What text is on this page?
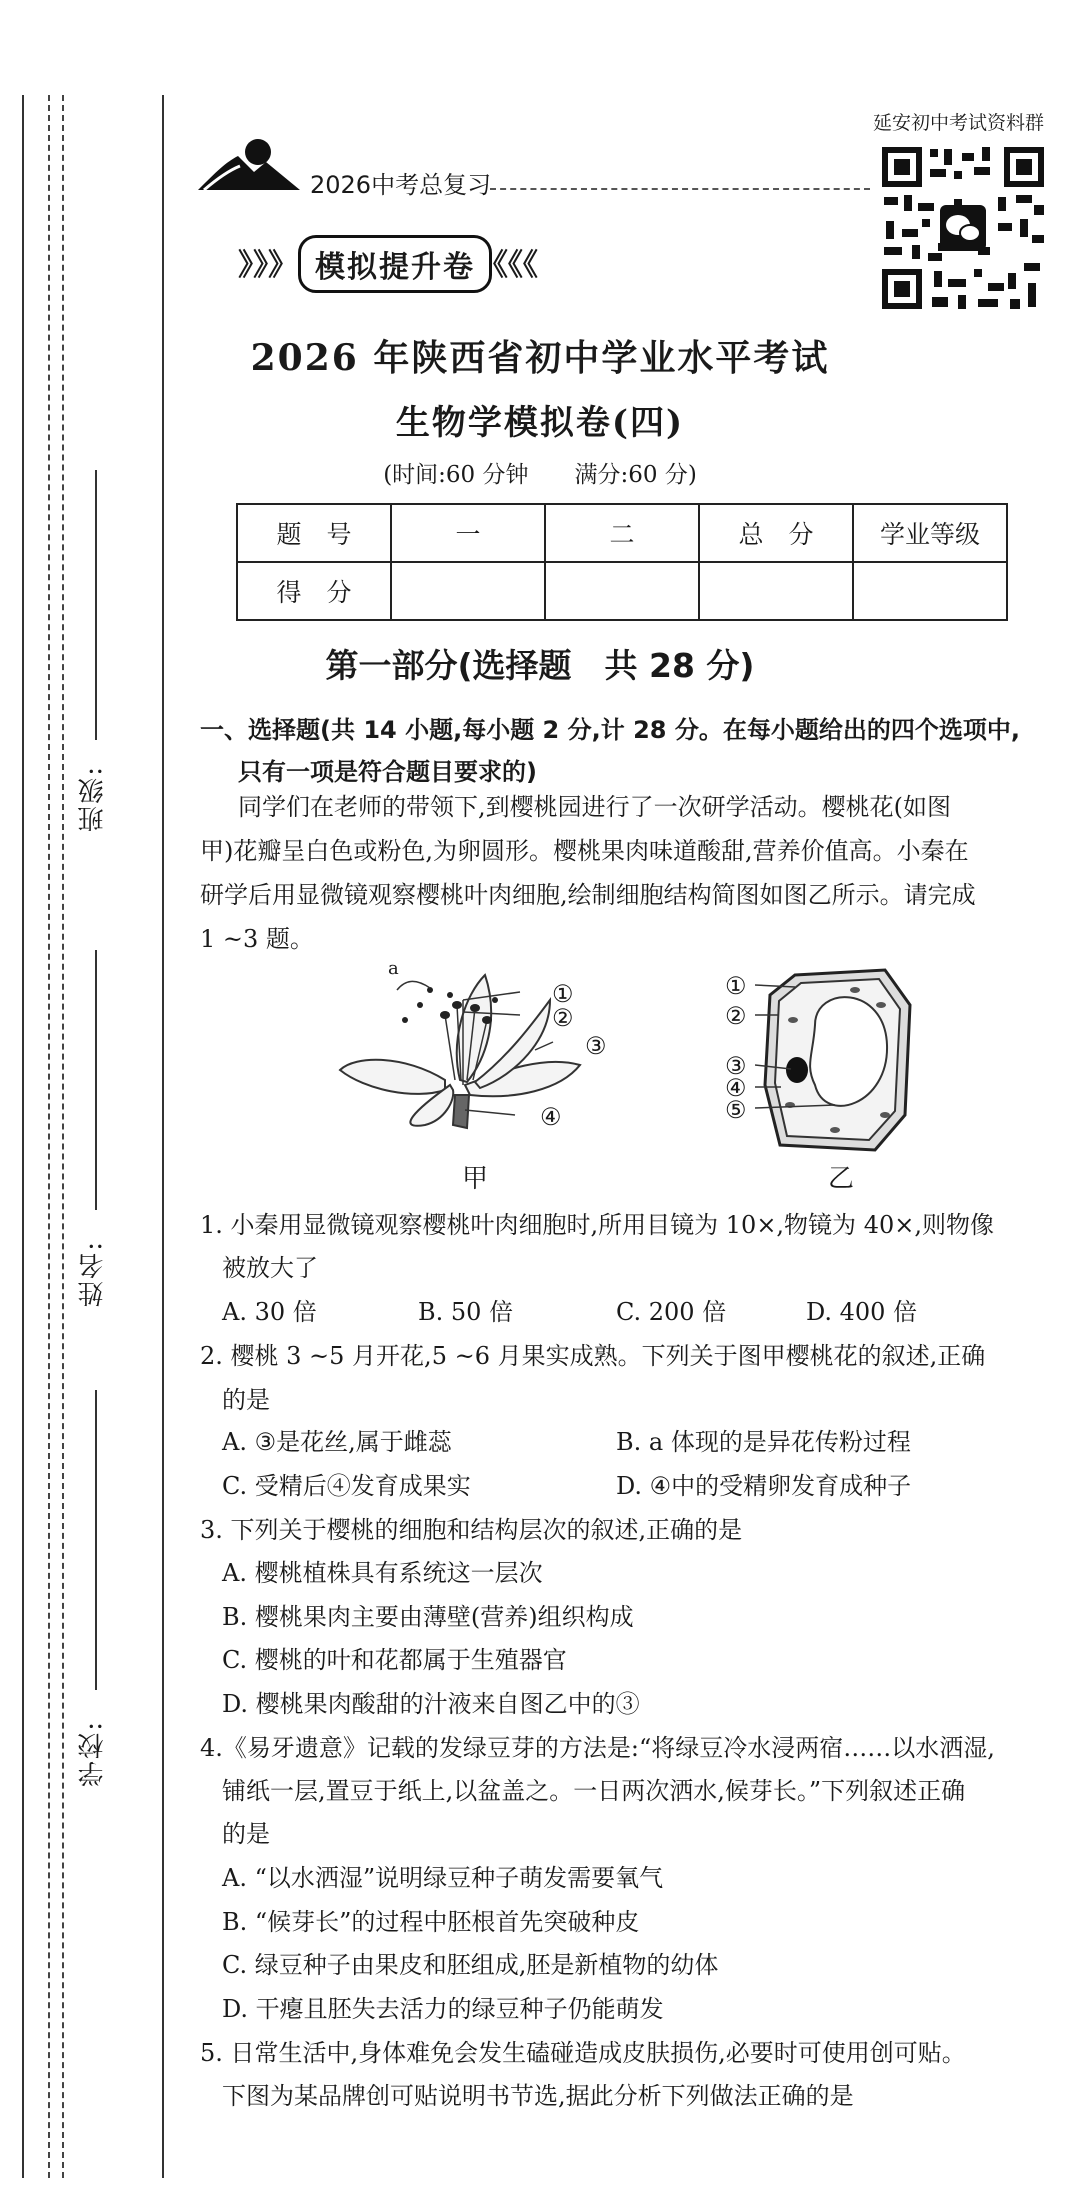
班级:
姓名:
学校:
2026中考总复习
》》》 模拟提升卷 《《《
延安初中考试资料群
2026 年陕西省初中学业水平考试
生物学模拟卷(四)
(时间:60 分钟　　满分:60 分)
题　号	一	二	总　分	学业等级
得　分				
第一部分(选择题　共 28 分)
一、选择题(共 14 小题,每小题 2 分,计 28 分。在每小题给出的四个选项中,
只有一项是符合题目要求的)
同学们在老师的带领下,到樱桃园进行了一次研学活动。樱桃花(如图
甲)花瓣呈白色或粉色,为卵圆形。樱桃果肉味道酸甜,营养价值高。小秦在
研学后用显微镜观察樱桃叶肉细胞,绘制细胞结构简图如图乙所示。请完成
1 ~3 题。
a
①
②
③
④
甲
①
②
③
④
⑤
乙
1. 小秦用显微镜观察樱桃叶肉细胞时,所用目镜为 10×,物镜为 40×,则物像
被放大了
A. 30 倍	B. 50 倍	C. 200 倍	D. 400 倍
2. 樱桃 3 ~5 月开花,5 ~6 月果实成熟。下列关于图甲樱桃花的叙述,正确
的是
A. ③是花丝,属于雌蕊	B. a 体现的是异花传粉过程
C. 受精后④发育成果实	D. ④中的受精卵发育成种子
3. 下列关于樱桃的细胞和结构层次的叙述,正确的是
A. 樱桃植株具有系统这一层次
B. 樱桃果肉主要由薄壁(营养)组织构成
C. 樱桃的叶和花都属于生殖器官
D. 樱桃果肉酸甜的汁液来自图乙中的③
4.《易牙遗意》记载的发绿豆芽的方法是:“将绿豆冷水浸两宿……以水洒湿,
铺纸一层,置豆于纸上,以盆盖之。一日两次洒水,候芽长。”下列叙述正确
的是
A. “以水洒湿”说明绿豆种子萌发需要氧气
B. “候芽长”的过程中胚根首先突破种皮
C. 绿豆种子由果皮和胚组成,胚是新植物的幼体
D. 干瘪且胚失去活力的绿豆种子仍能萌发
5. 日常生活中,身体难免会发生磕碰造成皮肤损伤,必要时可使用创可贴。
下图为某品牌创可贴说明书节选,据此分析下列做法正确的是
